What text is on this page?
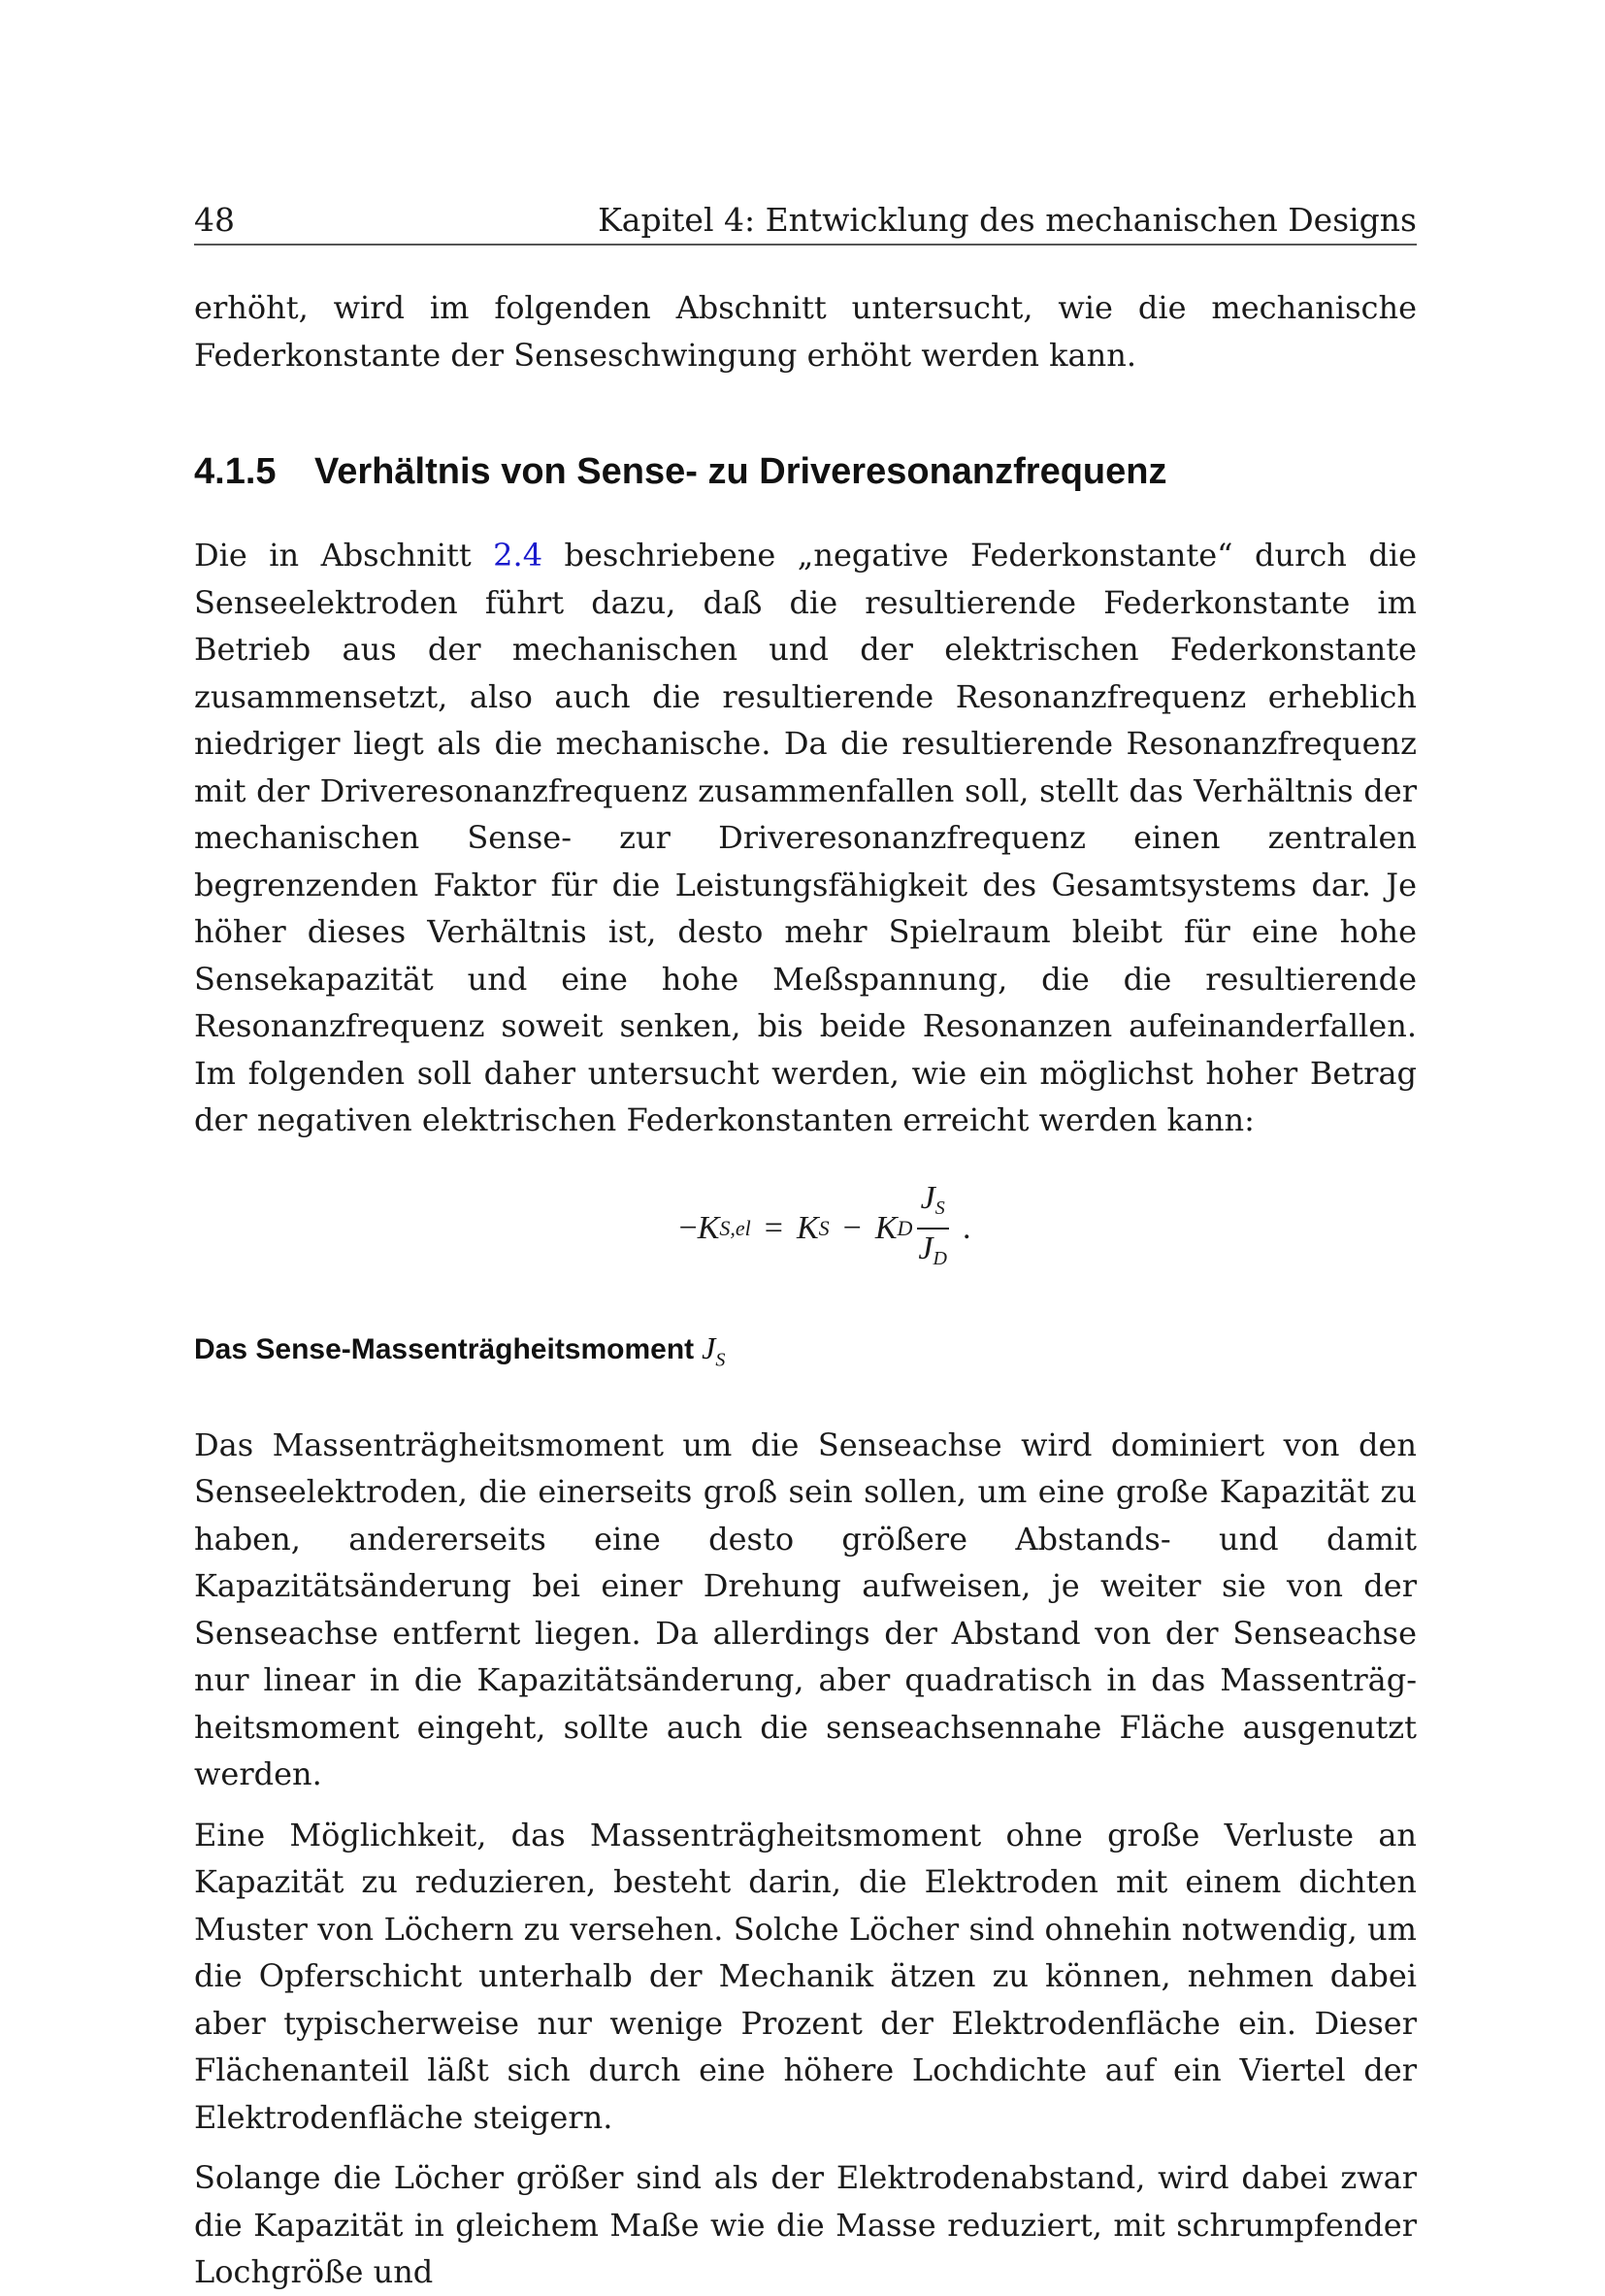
48	Kapitel 4: Entwicklung des mechanischen Designs

erhöht, wird im folgenden Abschnitt untersucht, wie die mechanische Federkonstante der Senseschwingung erhöht werden kann.

4.1.5 Verhältnis von Sense- zu Driveresonanzfrequenz

Die in Abschnitt 2.4 beschriebene „negative Federkonstante“ durch die Senseelektroden führt dazu, daß die resultierende Federkonstante im Betrieb aus der mechanischen und der elektrischen Federkonstante zusammensetzt, also auch die resultierende Resonanzfrequenz erheblich niedriger liegt als die mechanische. Da die resultierende Resonanzfrequenz mit der Driveresonanzfrequenz zusammenfallen soll, stellt das Verhältnis der mechanischen Sense- zur Driveresonanzfrequenz einen zentralen begrenzenden Faktor für die Leistungsfähigkeit des Gesamtsystems dar. Je höher dieses Verhältnis ist, desto mehr Spielraum bleibt für eine hohe Sensekapazität und eine hohe Meßspannung, die die resultierende Resonanzfrequenz soweit senken, bis beide Resonanzen aufeinanderfallen. Im folgenden soll daher untersucht werden, wie ein möglichst hoher Betrag der negativen elektrischen Federkonstanten erreicht werden kann:

− K S,el = K S − K D $\frac{J_S}{J_D}$ .
Das Sense-Massenträgheitsmoment $J_S$

Das Massenträgheitsmoment um die Senseachse wird dominiert von den Senseelektroden, die einerseits groß sein sollen, um eine große Kapazität zu haben, andererseits eine desto größere Abstands- und damit Kapazitätsänderung bei einer Drehung aufweisen, je weiter sie von der Senseachse entfernt liegen. Da allerdings der Abstand von der Senseachse nur linear in die Kapazitätsänderung, aber quadratisch in das Massenträgheitsmoment eingeht, sollte auch die senseachsennahe Fläche ausgenutzt werden.

Eine Möglichkeit, das Massenträgheitsmoment ohne große Verluste an Kapazität zu reduzieren, besteht darin, die Elektroden mit einem dichten Muster von Löchern zu versehen. Solche Löcher sind ohnehin notwendig, um die Opferschicht unterhalb der Mechanik ätzen zu können, nehmen dabei aber typischerweise nur wenige Prozent der Elektrodenfläche ein. Dieser Flächenanteil läßt sich durch eine höhere Lochdichte auf ein Viertel der Elektrodenfläche steigern.

Solange die Löcher größer sind als der Elektrodenabstand, wird dabei zwar die Kapazität in gleichem Maße wie die Masse reduziert, mit schrumpfender Lochgröße und
